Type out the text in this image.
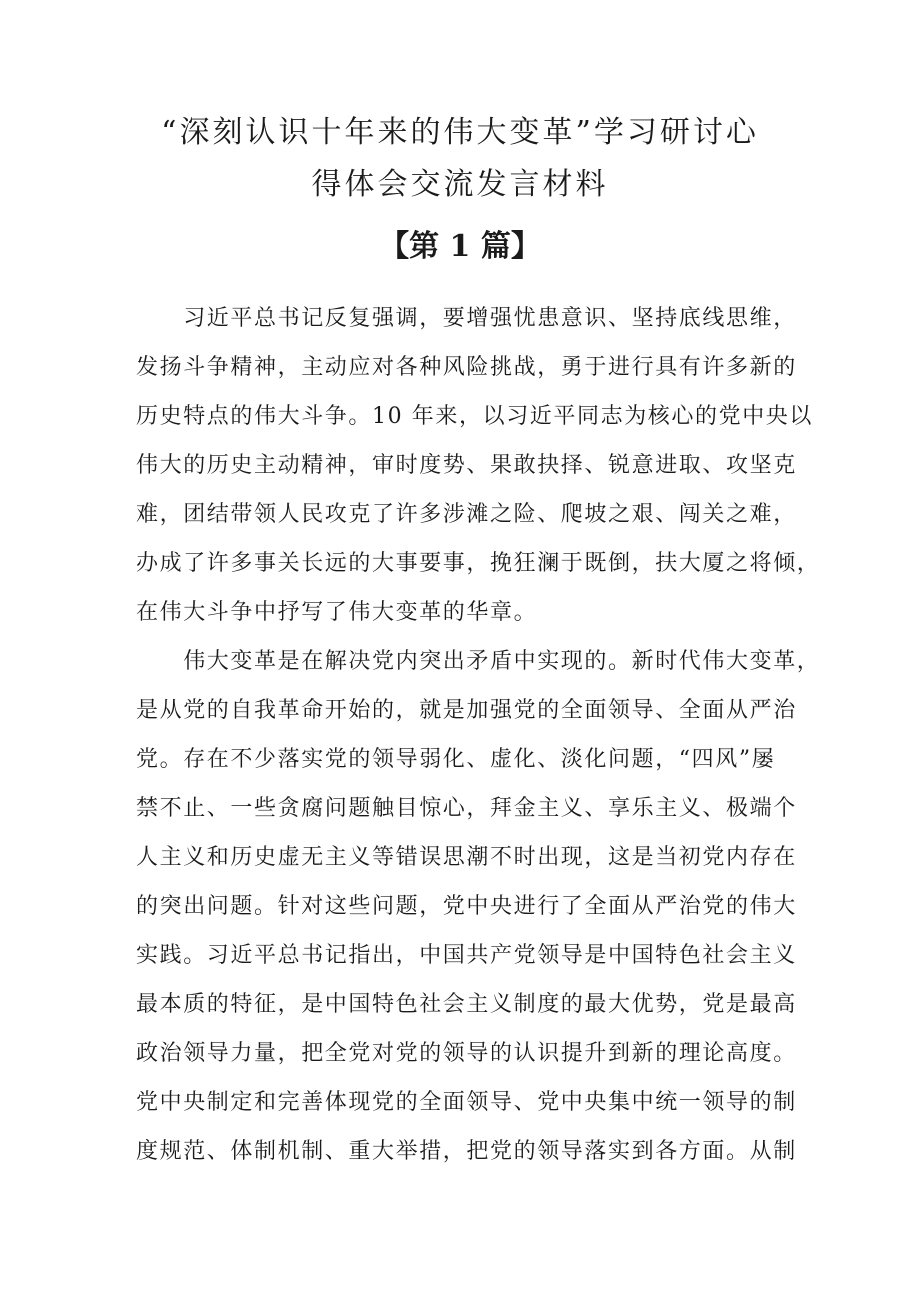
“深刻认识十年来的伟大变革”学习研讨心
得体会交流发言材料
【第 1 篇】
　　习近平总书记反复强调，要增强忧患意识、坚持底线思维，
发扬斗争精神，主动应对各种风险挑战，勇于进行具有许多新的
历史特点的伟大斗争。10 年来，以习近平同志为核心的党中央以
伟大的历史主动精神，审时度势、果敢抉择、锐意进取、攻坚克
难，团结带领人民攻克了许多涉滩之险、爬坡之艰、闯关之难，
办成了许多事关长远的大事要事，挽狂澜于既倒，扶大厦之将倾，
在伟大斗争中抒写了伟大变革的华章。
　　伟大变革是在解决党内突出矛盾中实现的。新时代伟大变革，
是从党的自我革命开始的，就是加强党的全面领导、全面从严治
党。存在不少落实党的领导弱化、虚化、淡化问题，“四风”屡
禁不止、一些贪腐问题触目惊心，拜金主义、享乐主义、极端个
人主义和历史虚无主义等错误思潮不时出现，这是当初党内存在
的突出问题。针对这些问题，党中央进行了全面从严治党的伟大
实践。习近平总书记指出，中国共产党领导是中国特色社会主义
最本质的特征，是中国特色社会主义制度的最大优势，党是最高
政治领导力量，把全党对党的领导的认识提升到新的理论高度。
党中央制定和完善体现党的全面领导、党中央集中统一领导的制
度规范、体制机制、重大举措，把党的领导落实到各方面。从制
